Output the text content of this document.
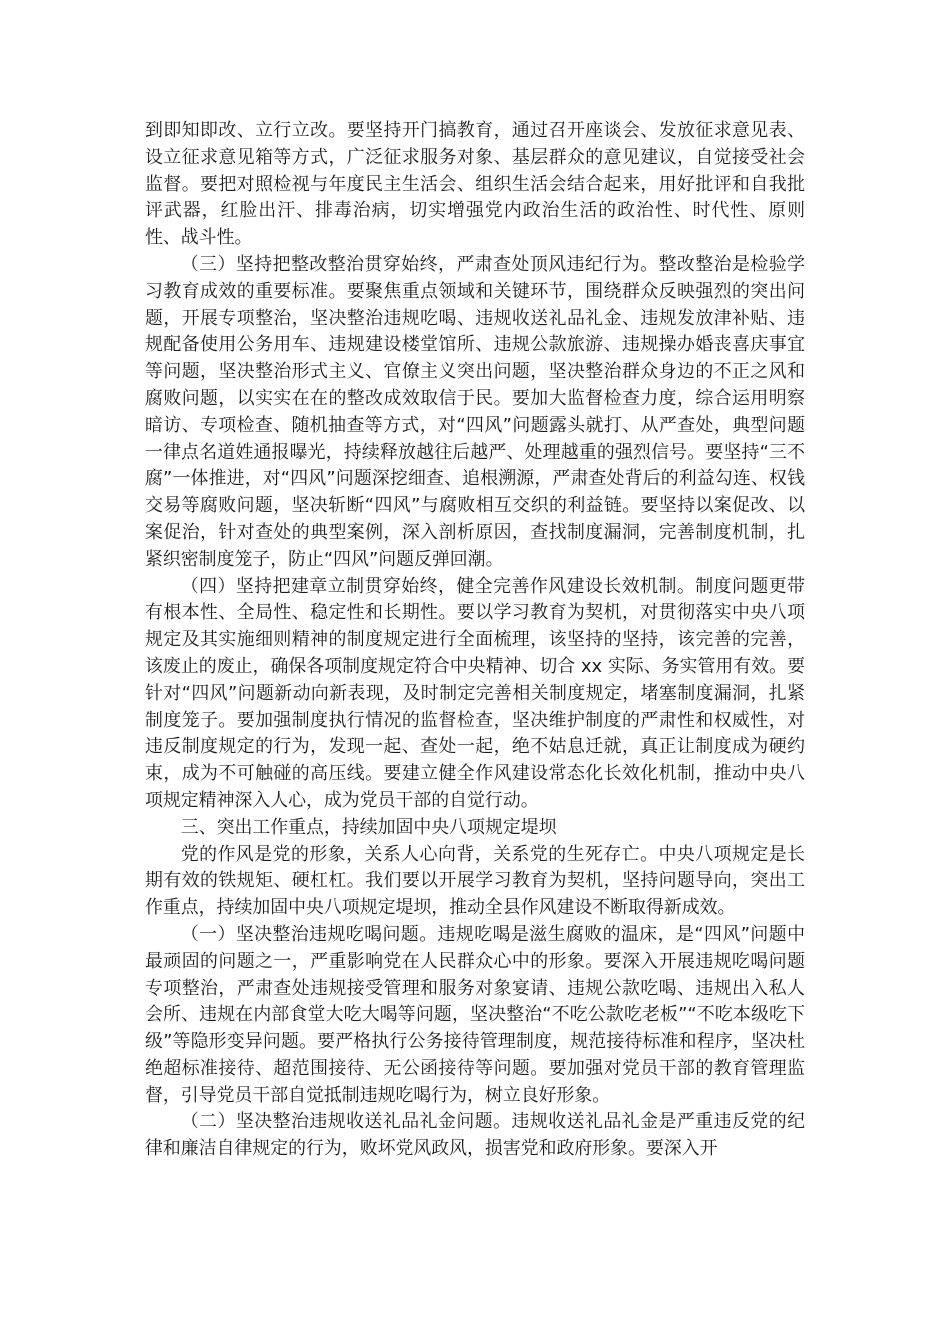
到即知即改、立行立改。要坚持开门搞教育，通过召开座谈会、发放征求意见表、设立征求意见箱等方式，广泛征求服务对象、基层群众的意见建议，自觉接受社会监督。要把对照检视与年度民主生活会、组织生活会结合起来，用好批评和自我批评武器，红脸出汗、排毒治病，切实增强党内政治生活的政治性、时代性、原则性、战斗性。

（三）坚持把整改整治贯穿始终，严肃查处顶风违纪行为。整改整治是检验学习教育成效的重要标准。要聚焦重点领域和关键环节，围绕群众反映强烈的突出问题，开展专项整治，坚决整治违规吃喝、违规收送礼品礼金、违规发放津补贴、违规配备使用公务用车、违规建设楼堂馆所、违规公款旅游、违规操办婚丧喜庆事宜等问题，坚决整治形式主义、官僚主义突出问题，坚决整治群众身边的不正之风和腐败问题，以实实在在的整改成效取信于民。要加大监督检查力度，综合运用明察暗访、专项检查、随机抽查等方式，对“四风”问题露头就打、从严查处，典型问题一律点名道姓通报曝光，持续释放越往后越严、处理越重的强烈信号。要坚持“三不腐”一体推进，对“四风”问题深挖细查、追根溯源，严肃查处背后的利益勾连、权钱交易等腐败问题，坚决斩断“四风”与腐败相互交织的利益链。要坚持以案促改、以案促治，针对查处的典型案例，深入剖析原因，查找制度漏洞，完善制度机制，扎紧织密制度笼子，防止“四风”问题反弹回潮。

（四）坚持把建章立制贯穿始终，健全完善作风建设长效机制。制度问题更带有根本性、全局性、稳定性和长期性。要以学习教育为契机，对贯彻落实中央八项规定及其实施细则精神的制度规定进行全面梳理，该坚持的坚持，该完善的完善，该废止的废止，确保各项制度规定符合中央精神、切合 xx 实际、务实管用有效。要针对“四风”问题新动向新表现，及时制定完善相关制度规定，堵塞制度漏洞，扎紧制度笼子。要加强制度执行情况的监督检查，坚决维护制度的严肃性和权威性，对违反制度规定的行为，发现一起、查处一起，绝不姑息迁就，真正让制度成为硬约束，成为不可触碰的高压线。要建立健全作风建设常态化长效化机制，推动中央八项规定精神深入人心，成为党员干部的自觉行动。

三、突出工作重点，持续加固中央八项规定堤坝

党的作风是党的形象，关系人心向背，关系党的生死存亡。中央八项规定是长期有效的铁规矩、硬杠杠。我们要以开展学习教育为契机，坚持问题导向，突出工作重点，持续加固中央八项规定堤坝，推动全县作风建设不断取得新成效。

（一）坚决整治违规吃喝问题。违规吃喝是滋生腐败的温床，是“四风”问题中最顽固的问题之一，严重影响党在人民群众心中的形象。要深入开展违规吃喝问题专项整治，严肃查处违规接受管理和服务对象宴请、违规公款吃喝、违规出入私人会所、违规在内部食堂大吃大喝等问题，坚决整治“不吃公款吃老板”“不吃本级吃下级”等隐形变异问题。要严格执行公务接待管理制度，规范接待标准和程序，坚决杜绝超标准接待、超范围接待、无公函接待等问题。要加强对党员干部的教育管理监督，引导党员干部自觉抵制违规吃喝行为，树立良好形象。

（二）坚决整治违规收送礼品礼金问题。违规收送礼品礼金是严重违反党的纪律和廉洁自律规定的行为，败坏党风政风，损害党和政府形象。要深入开
